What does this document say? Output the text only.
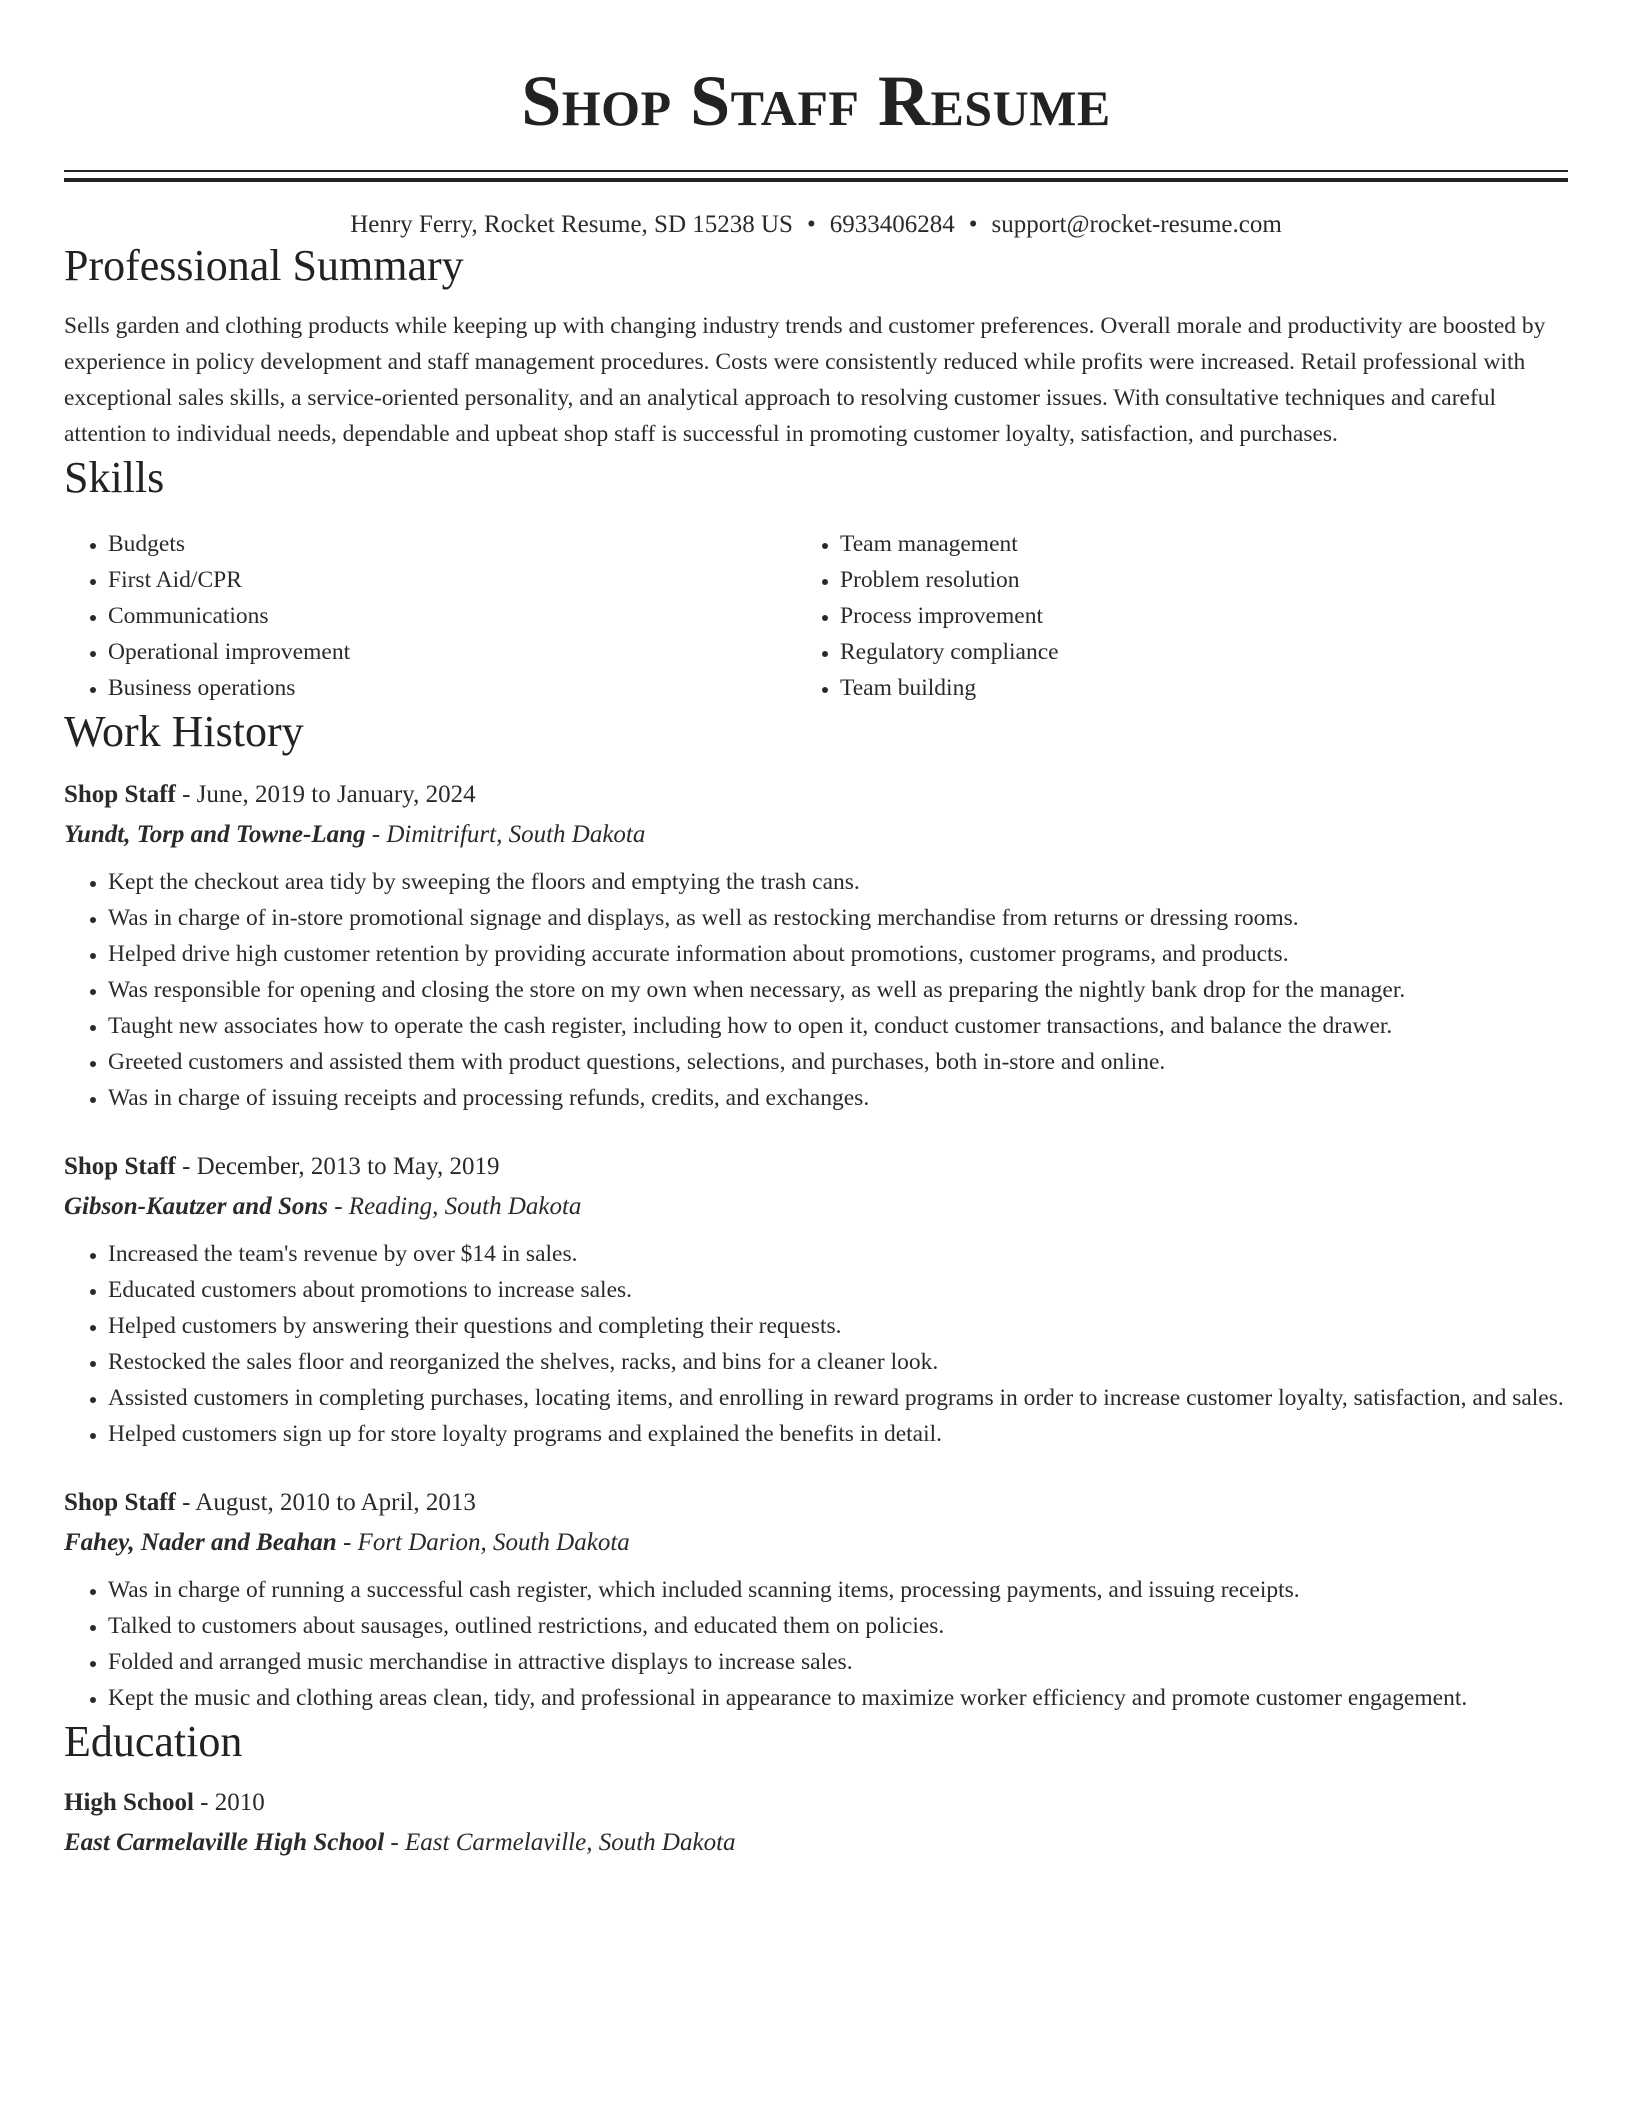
Shop Staff Resume
Henry Ferry, Rocket Resume, SD 15238 US • 6933406284 • support@rocket-resume.com
Professional Summary
Sells garden and clothing products while keeping up with changing industry trends and customer preferences. Overall morale and productivity are boosted by experience in policy development and staff management procedures. Costs were consistently reduced while profits were increased. Retail professional with exceptional sales skills, a service-oriented personality, and an analytical approach to resolving customer issues. With consultative techniques and careful attention to individual needs, dependable and upbeat shop staff is successful in promoting customer loyalty, satisfaction, and purchases.
Skills
• Budgets
• First Aid/CPR
• Communications
• Operational improvement
• Business operations
• Team management
• Problem resolution
• Process improvement
• Regulatory compliance
• Team building
Work History
Shop Staff - June, 2019 to January, 2024
Yundt, Torp and Towne-Lang - Dimitrifurt, South Dakota
• Kept the checkout area tidy by sweeping the floors and emptying the trash cans.
• Was in charge of in-store promotional signage and displays, as well as restocking merchandise from returns or dressing rooms.
• Helped drive high customer retention by providing accurate information about promotions, customer programs, and products.
• Was responsible for opening and closing the store on my own when necessary, as well as preparing the nightly bank drop for the manager.
• Taught new associates how to operate the cash register, including how to open it, conduct customer transactions, and balance the drawer.
• Greeted customers and assisted them with product questions, selections, and purchases, both in-store and online.
• Was in charge of issuing receipts and processing refunds, credits, and exchanges.
Shop Staff - December, 2013 to May, 2019
Gibson-Kautzer and Sons - Reading, South Dakota
• Increased the team's revenue by over $14 in sales.
• Educated customers about promotions to increase sales.
• Helped customers by answering their questions and completing their requests.
• Restocked the sales floor and reorganized the shelves, racks, and bins for a cleaner look.
• Assisted customers in completing purchases, locating items, and enrolling in reward programs in order to increase customer loyalty, satisfaction, and sales.
• Helped customers sign up for store loyalty programs and explained the benefits in detail.
Shop Staff - August, 2010 to April, 2013
Fahey, Nader and Beahan - Fort Darion, South Dakota
• Was in charge of running a successful cash register, which included scanning items, processing payments, and issuing receipts.
• Talked to customers about sausages, outlined restrictions, and educated them on policies.
• Folded and arranged music merchandise in attractive displays to increase sales.
• Kept the music and clothing areas clean, tidy, and professional in appearance to maximize worker efficiency and promote customer engagement.
Education
High School - 2010
East Carmelaville High School - East Carmelaville, South Dakota
